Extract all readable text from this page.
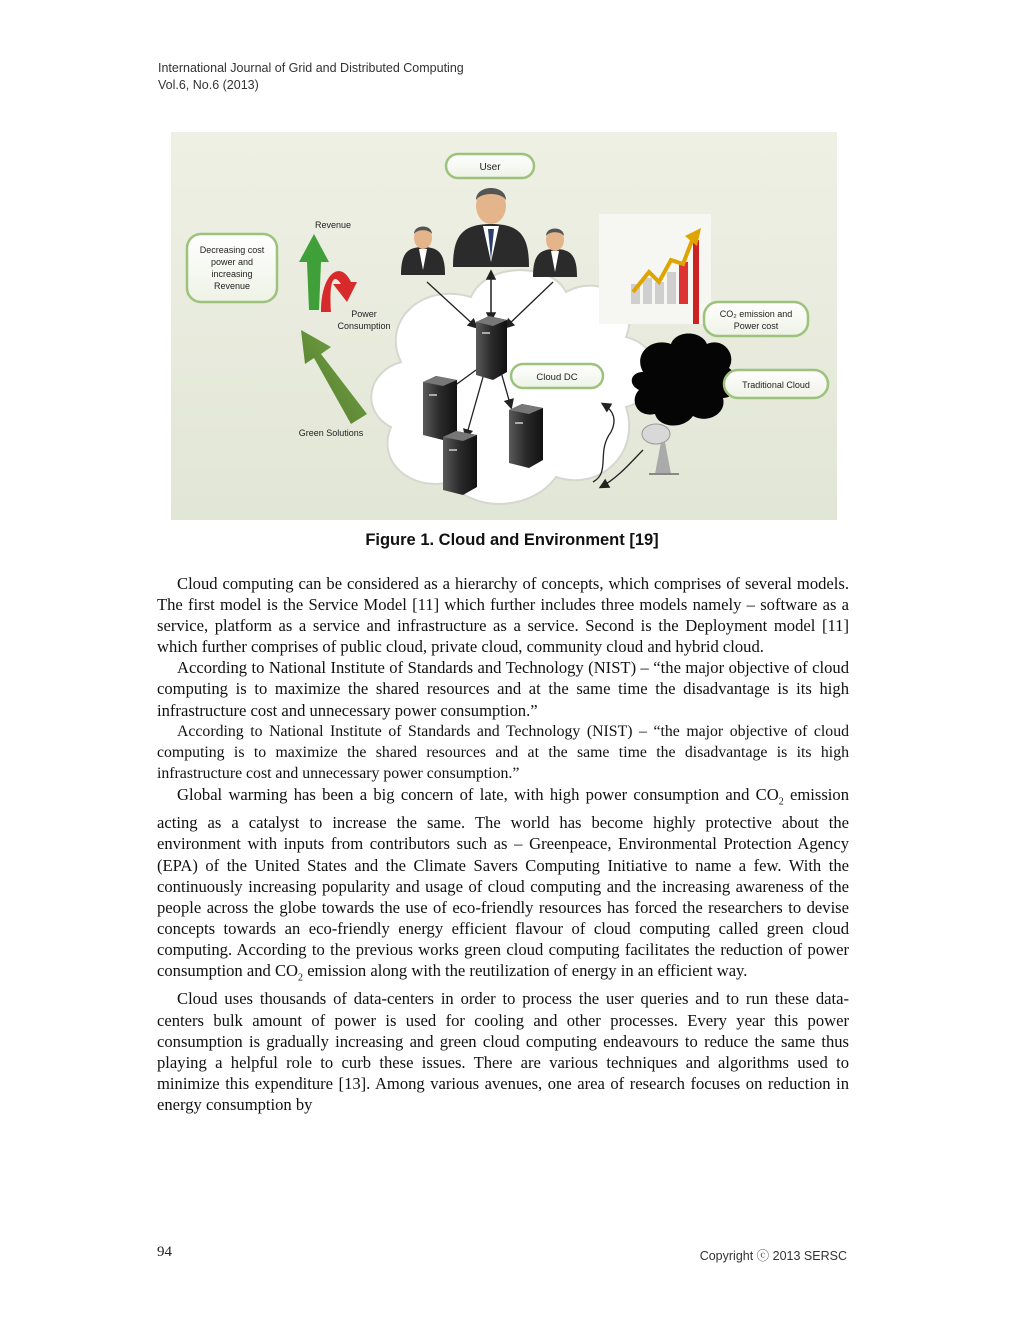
International Journal of Grid and Distributed Computing
Vol.6, No.6 (2013)
User
Revenue
Decreasing cost
power and
increasing
Revenue
Power
Consumption
Green Solutions
Cloud DC
CO₂ emission and
Power cost
Traditional Cloud
Figure 1. Cloud and Environment [19]

Cloud computing can be considered as a hierarchy of concepts, which comprises of several models. The first model is the Service Model [11] which further includes three models namely – software as a service, platform as a service and infrastructure as a service. Second is the Deployment model [11] which further comprises of public cloud, private cloud, community cloud and hybrid cloud.

According to National Institute of Standards and Technology (NIST) – “the major objective of cloud computing is to maximize the shared resources and at the same time the disadvantage is its high infrastructure cost and unnecessary power consumption.”

According to National Institute of Standards and Technology (NIST) – “the major objective of cloud computing is to maximize the shared resources and at the same time the disadvantage is its high infrastructure cost and unnecessary power consumption.”

Global warming has been a big concern of late, with high power consumption and $CO_2$ emission acting as a catalyst to increase the same. The world has become highly protective about the environment with inputs from contributors such as – Greenpeace, Environmental Protection Agency (EPA) of the United States and the Climate Savers Computing Initiative to name a few. With the continuously increasing popularity and usage of cloud computing and the increasing awareness of the people across the globe towards the use of eco-friendly resources has forced the researchers to devise concepts towards an eco-friendly energy efficient flavour of cloud computing called green cloud computing. According to the previous works green cloud computing facilitates the reduction of power consumption and $CO_2$ emission along with the reutilization of energy in an efficient way.

Cloud uses thousands of data-centers in order to process the user queries and to run these data-centers bulk amount of power is used for cooling and other processes. Every year this power consumption is gradually increasing and green cloud computing endeavours to reduce the same thus playing a helpful role to curb these issues. There are various techniques and algorithms used to minimize this expenditure [13]. Among various avenues, one area of research focuses on reduction in energy consumption by

94	Copyright ⓒ 2013 SERSC
